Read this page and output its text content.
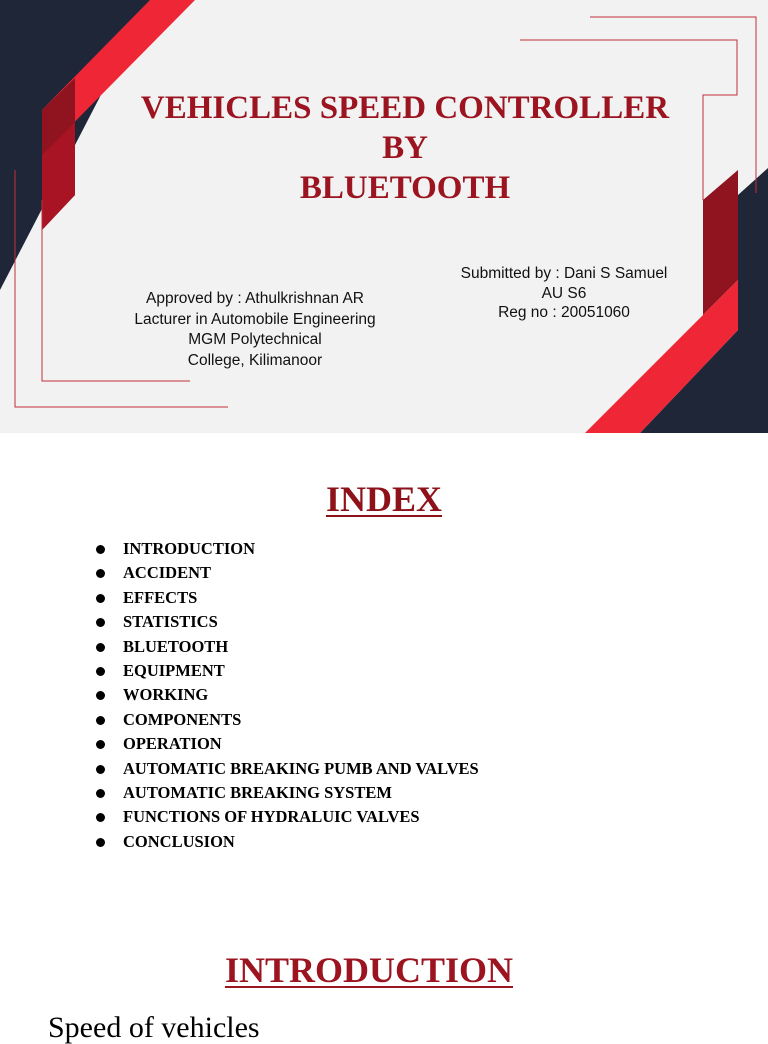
VEHICLES SPEED CONTROLLER
BY
BLUETOOTH
Approved by : Athulkrishnan AR
Lacturer in Automobile Engineering
MGM Polytechnical
College, Kilimanoor
Submitted by : Dani S Samuel
AU S6
Reg no : 20051060
INDEX
INTRODUCTION
ACCIDENT
EFFECTS
STATISTICS
BLUETOOTH
EQUIPMENT
WORKING
COMPONENTS
OPERATION
AUTOMATIC BREAKING PUMB AND VALVES
AUTOMATIC BREAKING SYSTEM
FUNCTIONS OF HYDRALUIC VALVES
CONCLUSION
INTRODUCTION
Speed of vehicles
